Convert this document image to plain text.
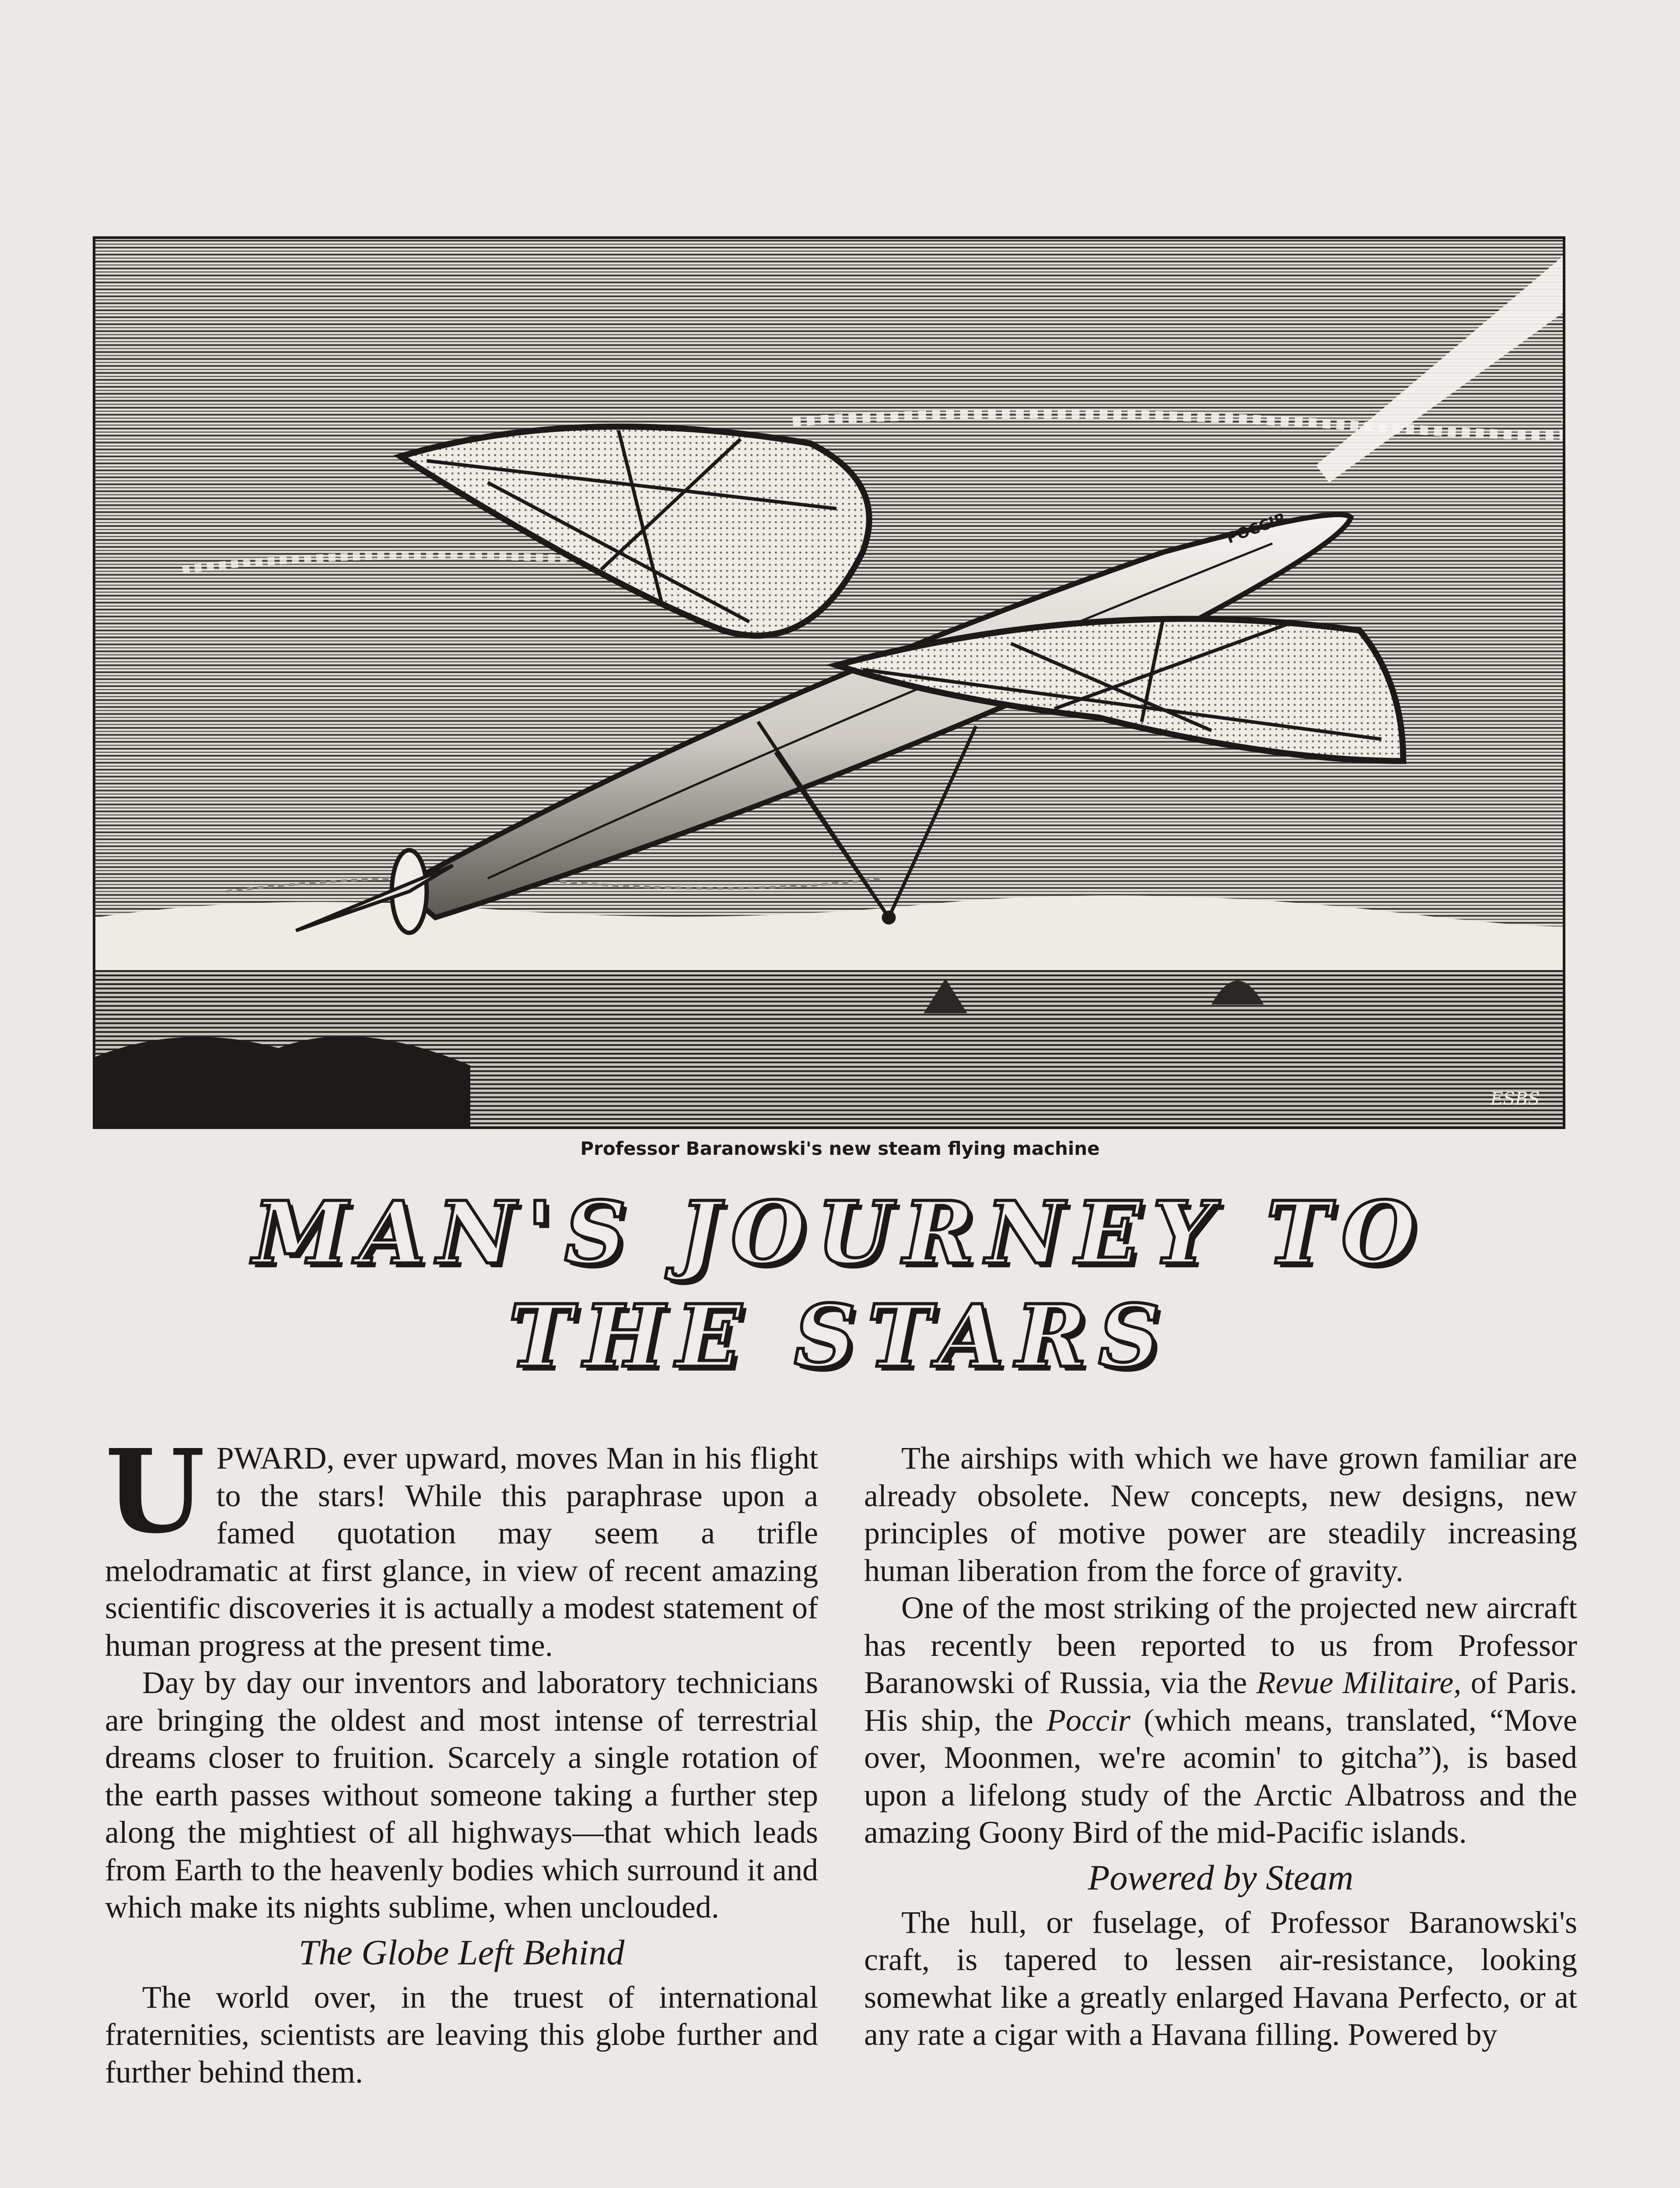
POCCIR
ESBS
Professor Baranowski's new steam flying machine
MAN'S JOURNEY TO
THE STARS

UPWARD, ever upward, moves Man in his flight to the stars! While this paraphrase upon a famed quotation may seem a trifle melodramatic at first glance, in view of recent amazing scientific discoveries it is actually a modest statement of human progress at the present time.

Day by day our inventors and laboratory technicians are bringing the oldest and most intense of terrestrial dreams closer to fruition. Scarcely a single rotation of the earth passes without someone taking a further step along the mightiest of all highways—that which leads from Earth to the heavenly bodies which surround it and which make its nights sublime, when unclouded.

The Globe Left Behind

The world over, in the truest of international fraternities, scientists are leaving this globe further and further behind them.

The airships with which we have grown familiar are already obsolete. New concepts, new designs, new principles of motive power are steadily increasing human liberation from the force of gravity.

One of the most striking of the projected new aircraft has recently been reported to us from Professor Baranowski of Russia, via the Revue Militaire, of Paris. His ship, the Poccir (which means, translated, “Move over, Moonmen, we're acomin' to gitcha”), is based upon a lifelong study of the Arctic Albatross and the amazing Goony Bird of the mid-Pacific islands.

Powered by Steam

The hull, or fuselage, of Professor Baranowski's craft, is tapered to lessen air-resistance, looking somewhat like a greatly enlarged Havana Perfecto, or at any rate a cigar with a Havana filling. Powered by
